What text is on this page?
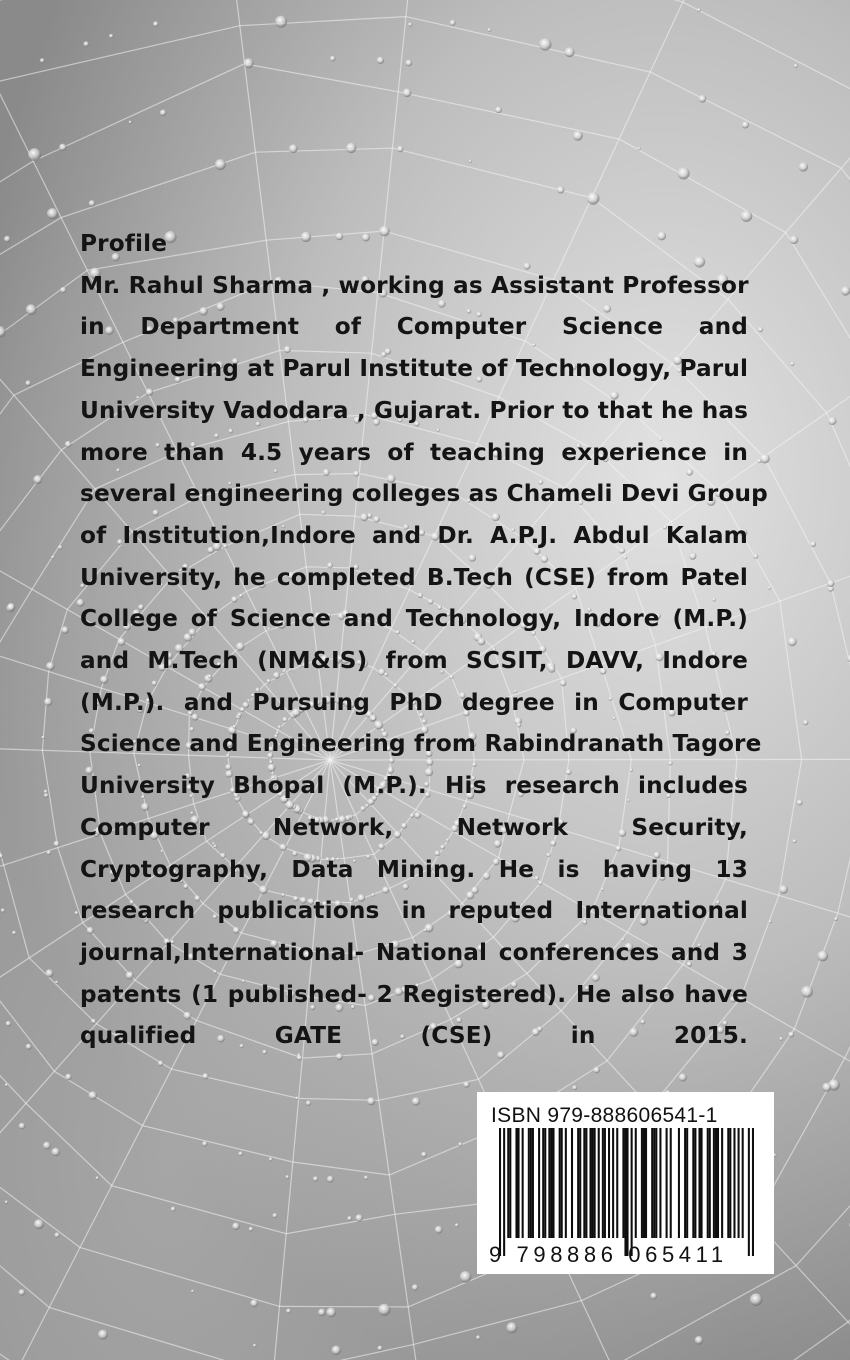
Profile
Mr. Rahul Sharma , working as Assistant Professor
in Department of Computer Science and
Engineering at Parul Institute of Technology, Parul
University Vadodara , Gujarat. Prior to that he has
more than 4.5 years of teaching experience in
several engineering colleges as Chameli Devi Group
of Institution,Indore and Dr. A.P.J. Abdul Kalam
University, he completed B.Tech (CSE) from Patel
College of Science and Technology, Indore (M.P.)
and M.Tech (NM&IS) from SCSIT, DAVV, Indore
(M.P.). and Pursuing PhD degree in Computer
Science and Engineering from Rabindranath Tagore
University Bhopal (M.P.). His research includes
Computer Network, Network Security,
Cryptography, Data Mining. He is having 13
research publications in reputed International
journal,International- National conferences and 3
patents (1 published- 2 Registered). He also have
qualified GATE (CSE) in 2015.
ISBN 979-888606541-1
9 798886 065411
